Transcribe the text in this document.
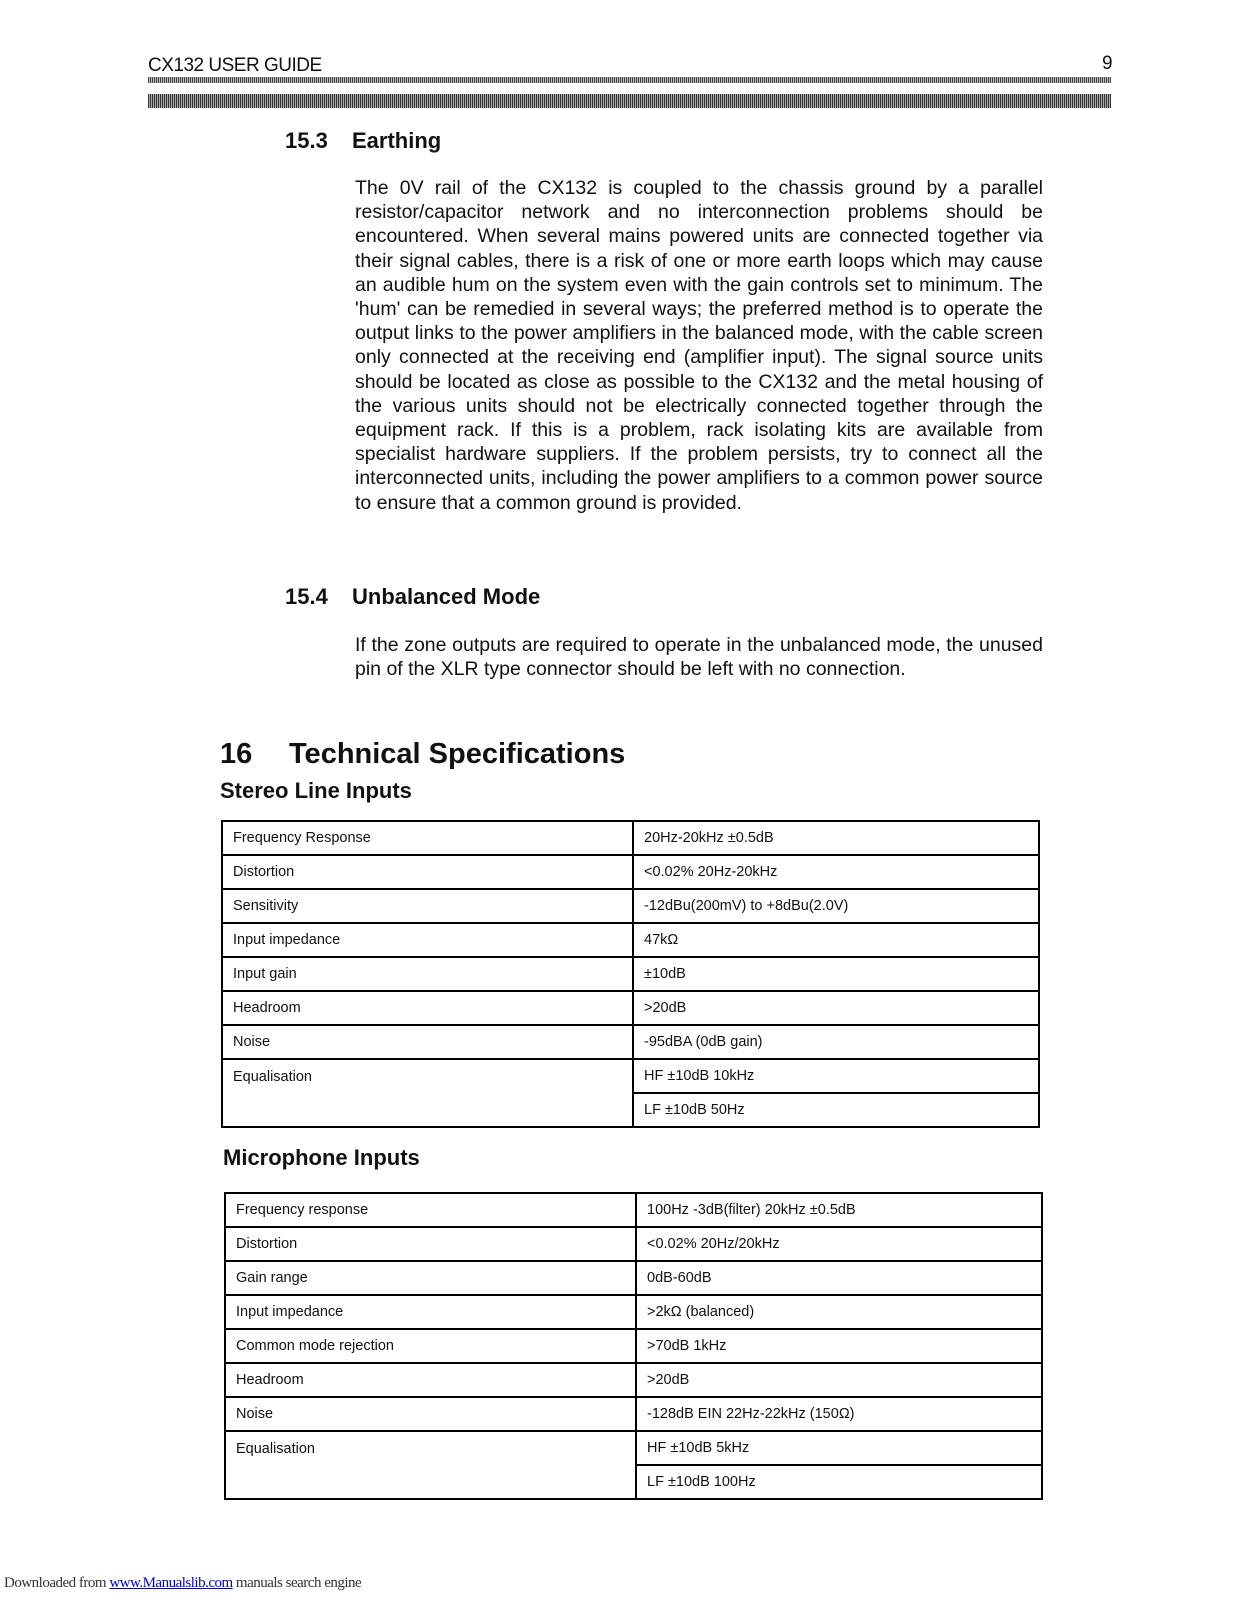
CX132 USER GUIDE	9
15.3 Earthing

The 0V rail of the CX132 is coupled to the chassis ground by a parallel resistor/capacitor network and no interconnection problems should be encountered. When several mains powered units are connected together via their signal cables, there is a risk of one or more earth loops which may cause an audible hum on the system even with the gain controls set to minimum. The 'hum' can be remedied in several ways; the preferred method is to operate the output links to the power amplifiers in the balanced mode, with the cable screen only connected at the receiving end (amplifier input). The signal source units should be located as close as possible to the CX132 and the metal housing of the various units should not be electrically connected together through the equipment rack. If this is a problem, rack isolating kits are available from specialist hardware suppliers. If the problem persists, try to connect all the interconnected units, including the power amplifiers to a common power source to ensure that a common ground is provided.

15.4 Unbalanced Mode

If the zone outputs are required to operate in the unbalanced mode, the unused pin of the XLR type connector should be left with no connection.

16 Technical Specifications
Stereo Line Inputs
Frequency Response	20Hz-20kHz ±0.5dB
Distortion	<0.02% 20Hz-20kHz
Sensitivity	-12dBu(200mV) to +8dBu(2.0V)
Input impedance	47kΩ
Input gain	±10dB
Headroom	>20dB
Noise	-95dBA (0dB gain)
Equalisation	HF ±10dB 10kHz
	LF ±10dB 50Hz
Microphone Inputs
Frequency response	100Hz -3dB(filter) 20kHz ±0.5dB
Distortion	<0.02% 20Hz/20kHz
Gain range	0dB-60dB
Input impedance	>2kΩ (balanced)
Common mode rejection	>70dB 1kHz
Headroom	>20dB
Noise	-128dB EIN 22Hz-22kHz (150Ω)
Equalisation	HF ±10dB 5kHz
	LF ±10dB 100Hz
Downloaded from www.Manualslib.com manuals search engine
